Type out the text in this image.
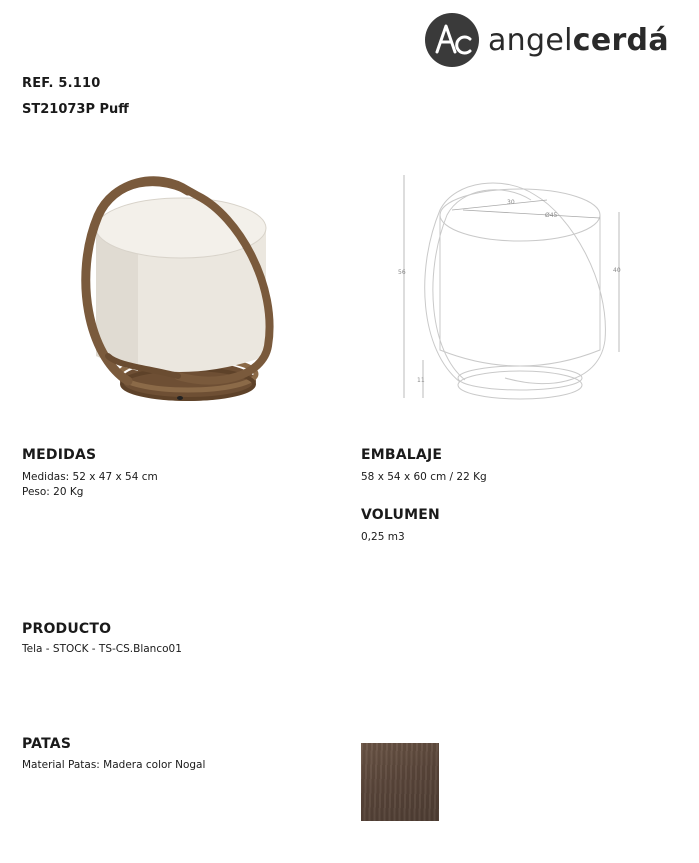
angelcerdá
REF. 5.110
ST21073P Puff
56	40
11
30
Ø45
MEDIDAS
Medidas: 52 x 47 x 54 cm
Peso: 20 Kg
EMBALAJE
58 x 54 x 60 cm / 22 Kg
VOLUMEN
0,25 m3
PRODUCTO
Tela - STOCK - TS-CS.Blanco01
PATAS
Material Patas: Madera color Nogal
